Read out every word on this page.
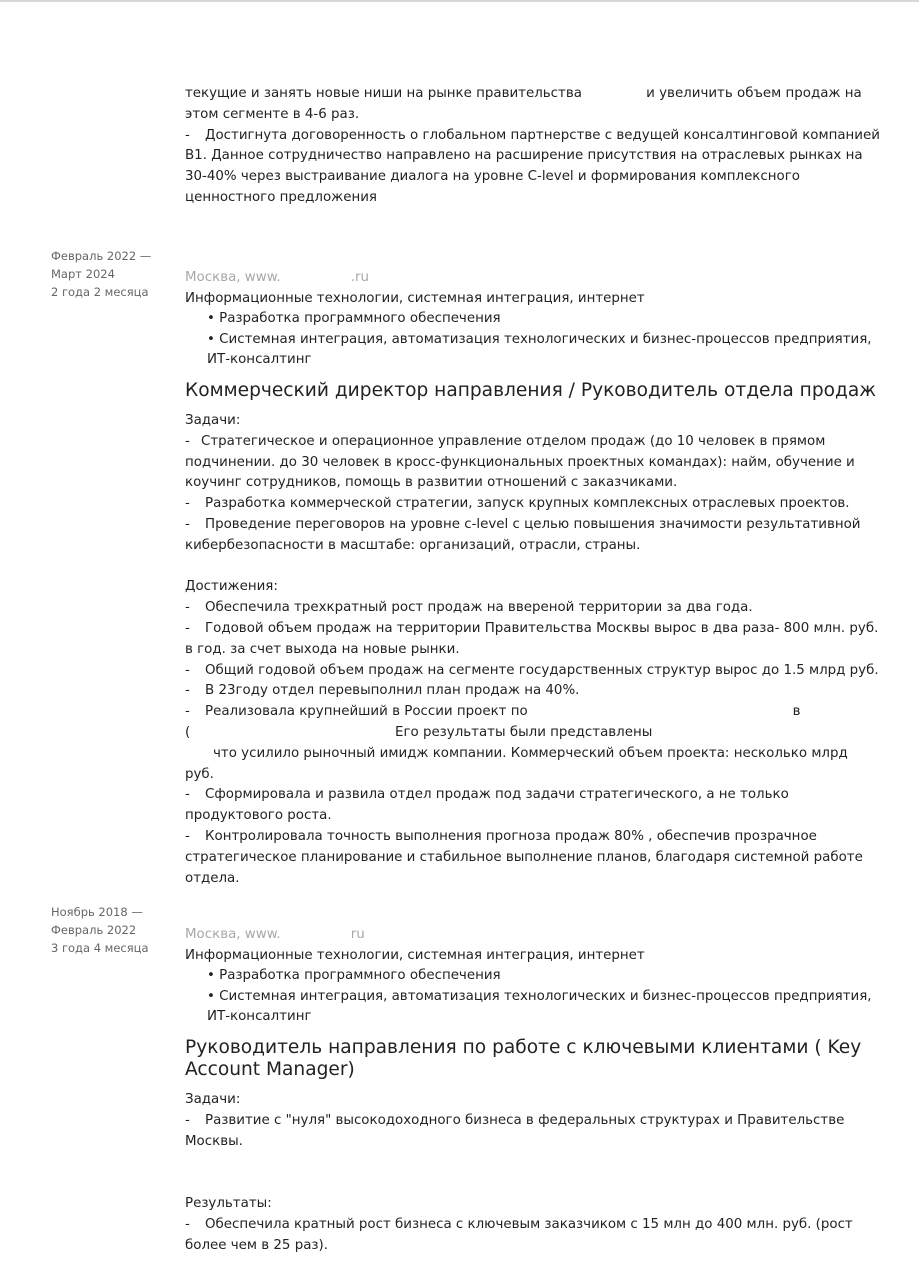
текущие и занять новые ниши на рынке правительства	и увеличить объем продаж на

этом сегменте в 4-6 раз.

- Достигнута договоренность о глобальном партнерстве с ведущей консалтинговой компанией

B1. Данное сотрудничество направлено на расширение присутствия на отраслевых рынках на

30-40% через выстраивание диалога на уровне C-level и формирования комплексного

ценностного предложения

Февраль 2022 —
Март 2024
2 года 2 месяца
Москва, www.	.ru
Информационные технологии, системная интеграция, интернет
• Разработка программного обеспечения
• Системная интеграция, автоматизация технологических и бизнес-процессов предприятия,
ИТ-консалтинг
Коммерческий директор направления / Руководитель отдела продаж

Задачи:

- Стратегическое и операционное управление отделом продаж (до 10 человек в прямом

подчинении. до 30 человек в кросс-функциональных проектных командах): найм, обучение и

коучинг сотрудников, помощь в развитии отношений с заказчиками.

- Разработка коммерческой стратегии, запуск крупных комплексных отраслевых проектов.

- Проведение переговоров на уровне c-level с целью повышения значимости результативной

кибербезопасности в масштабе: организаций, отрасли, страны.

Достижения:

- Обеспечила трехкратный рост продаж на ввереной территории за два года.

- Годовой объем продаж на территории Правительства Москвы вырос в два раза- 800 млн. руб.

в год. за счет выхода на новые рынки.

- Общий годовой объем продаж на сегменте государственных структур вырос до 1.5 млрд руб.

- В 23году отдел перевыполнил план продаж на 40%.

- Реализовала крупнейший в России проект по	в

(	Его результаты были представлены

что усилило рыночный имидж компании. Коммерческий объем проекта: несколько млрд

руб.

- Сформировала и развила отдел продаж под задачи стратегического, а не только

продуктового роста.

- Контролировала точность выполнения прогноза продаж 80% , обеспечив прозрачное

стратегическое планирование и стабильное выполнение планов, благодаря системной работе

отдела.

Ноябрь 2018 —
Февраль 2022
3 года 4 месяца
Москва, www.	ru
Информационные технологии, системная интеграция, интернет
• Разработка программного обеспечения
• Системная интеграция, автоматизация технологических и бизнес-процессов предприятия,
ИТ-консалтинг
Руководитель направления по работе с ключевыми клиентами ( Key
Account Manager)

Задачи:

- Развитие с "нуля" высокодоходного бизнеса в федеральных структурах и Правительстве

Москвы.

Результаты:

- Обеспечила кратный рост бизнеса с ключевым заказчиком с 15 млн до 400 млн. руб. (рост

более чем в 25 раз).
